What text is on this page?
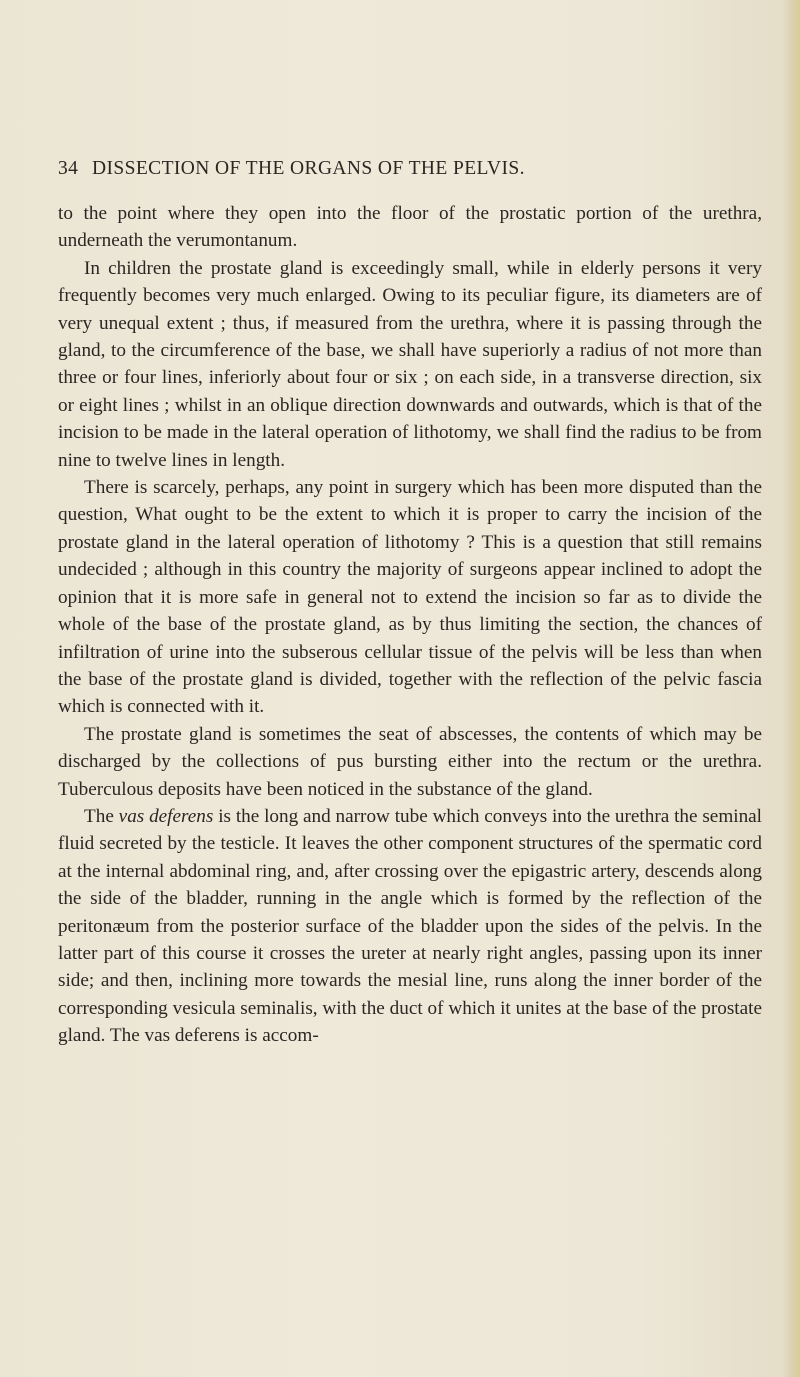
34 DISSECTION OF THE ORGANS OF THE PELVIS.

to the point where they open into the floor of the prostatic portion of the urethra, underneath the verumontanum.

In children the prostate gland is exceedingly small, while in elderly persons it very frequently becomes very much enlarged. Owing to its peculiar figure, its diameters are of very unequal extent ; thus, if measured from the urethra, where it is passing through the gland, to the circumference of the base, we shall have superiorly a radius of not more than three or four lines, inferiorly about four or six ; on each side, in a transverse direction, six or eight lines ; whilst in an oblique direction downwards and outwards, which is that of the incision to be made in the lateral operation of lithotomy, we shall find the radius to be from nine to twelve lines in length.

There is scarcely, perhaps, any point in surgery which has been more disputed than the question, What ought to be the extent to which it is proper to carry the incision of the prostate gland in the lateral operation of lithotomy ? This is a question that still remains undecided ; although in this country the majority of surgeons appear inclined to adopt the opinion that it is more safe in general not to extend the incision so far as to divide the whole of the base of the prostate gland, as by thus limiting the section, the chances of infiltration of urine into the subserous cellular tissue of the pelvis will be less than when the base of the prostate gland is divided, together with the reflection of the pelvic fascia which is connected with it.

The prostate gland is sometimes the seat of abscesses, the contents of which may be discharged by the collections of pus bursting either into the rectum or the urethra. Tuberculous deposits have been noticed in the substance of the gland.

The vas deferens is the long and narrow tube which conveys into the urethra the seminal fluid secreted by the testicle. It leaves the other component structures of the spermatic cord at the internal abdominal ring, and, after crossing over the epigastric artery, descends along the side of the bladder, running in the angle which is formed by the reflection of the peritonæum from the posterior surface of the bladder upon the sides of the pelvis. In the latter part of this course it crosses the ureter at nearly right angles, passing upon its inner side; and then, inclining more towards the mesial line, runs along the inner border of the corresponding vesicula seminalis, with the duct of which it unites at the base of the prostate gland. The vas deferens is accom-
